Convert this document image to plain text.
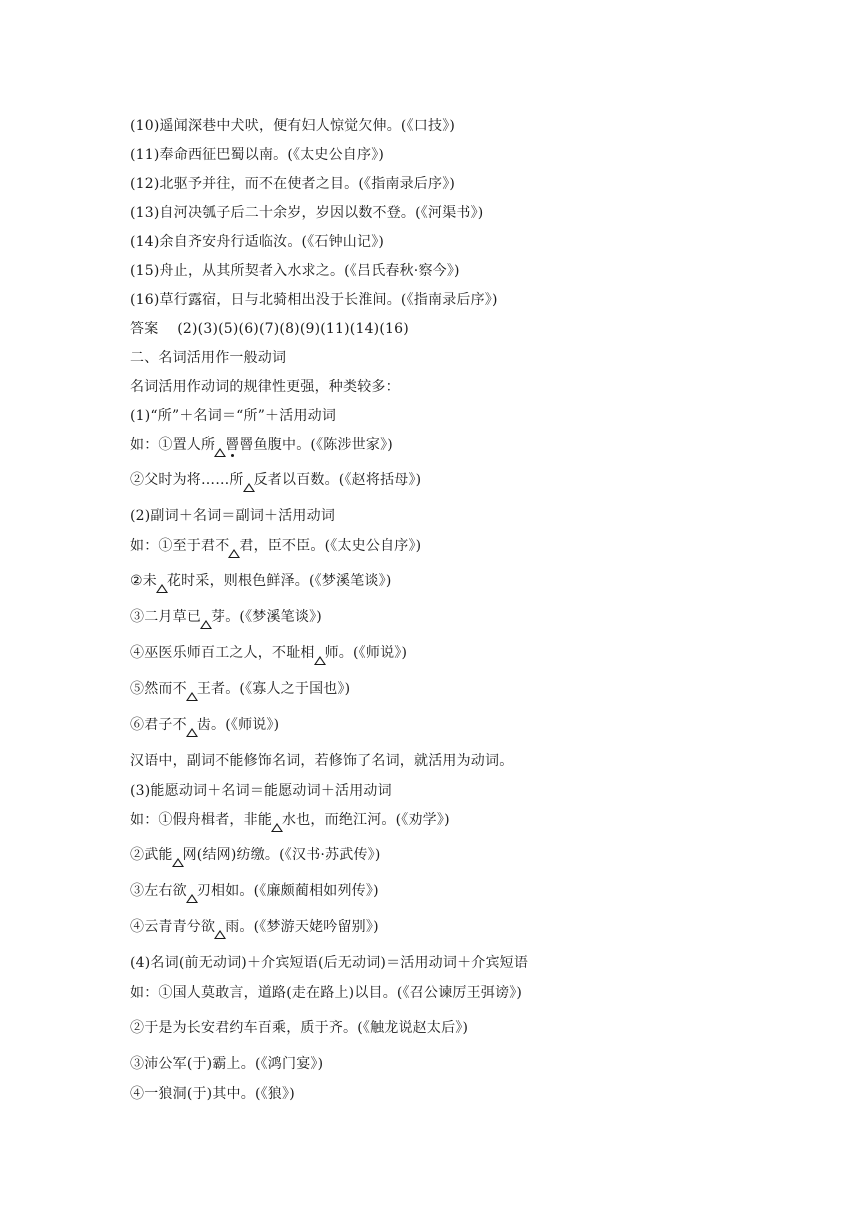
(10)遥闻深巷中犬吠，便有妇人惊觉欠伸。(《口技》)
(11)奉命西征巴蜀以南。(《太史公自序》)
(12)北驱予并往，而不在使者之目。(《指南录后序》)
(13)自河决瓠子后二十余岁，岁因以数不登。(《河渠书》)
(14)余自齐安舟行适临汝。(《石钟山记》)
(15)舟止，从其所契者入水求之。(《吕氏春秋·察今》)
(16)草行露宿，日与北骑相出没于长淮间。(《指南录后序》)
答案　 (2)(3)(5)(6)(7)(8)(9)(11)(14)(16)
二、名词活用作一般动词
名词活用作动词的规律性更强，种类较多：
(1)“所”＋名词＝“所”＋活用动词
如：①置人所 罾罾鱼腹中。(《陈涉世家》)
②父时为将……所 反者以百数。(《赵将括母》)
(2)副词＋名词＝副词＋活用动词
如：①至于君不 君，臣不臣。(《太史公自序》)
②未 花时采，则根色鲜泽。(《梦溪笔谈》)
③二月草已 芽。(《梦溪笔谈》)
④巫医乐师百工之人，不耻相 师。(《师说》)
⑤然而不 王者。(《寡人之于国也》)
⑥君子不 齿。(《师说》)
汉语中，副词不能修饰名词，若修饰了名词，就活用为动词。
(3)能愿动词＋名词＝能愿动词＋活用动词
如：①假舟楫者，非能 水也，而绝江河。(《劝学》)
②武能 网(结网)纺缴。(《汉书·苏武传》)
③左右欲 刃相如。(《廉颇蔺相如列传》)
④云青青兮欲 雨。(《梦游天姥吟留别》)
(4)名词(前无动词)＋介宾短语(后无动词)＝活用动词＋介宾短语
如：①国人莫敢言，道路(走在路上)以目。(《召公谏厉王弭谤》)
②于是为长安君约车百乘，质于齐。(《触龙说赵太后》)
③沛公军(于)霸上。(《鸿门宴》)
④一狼洞(于)其中。(《狼》)
